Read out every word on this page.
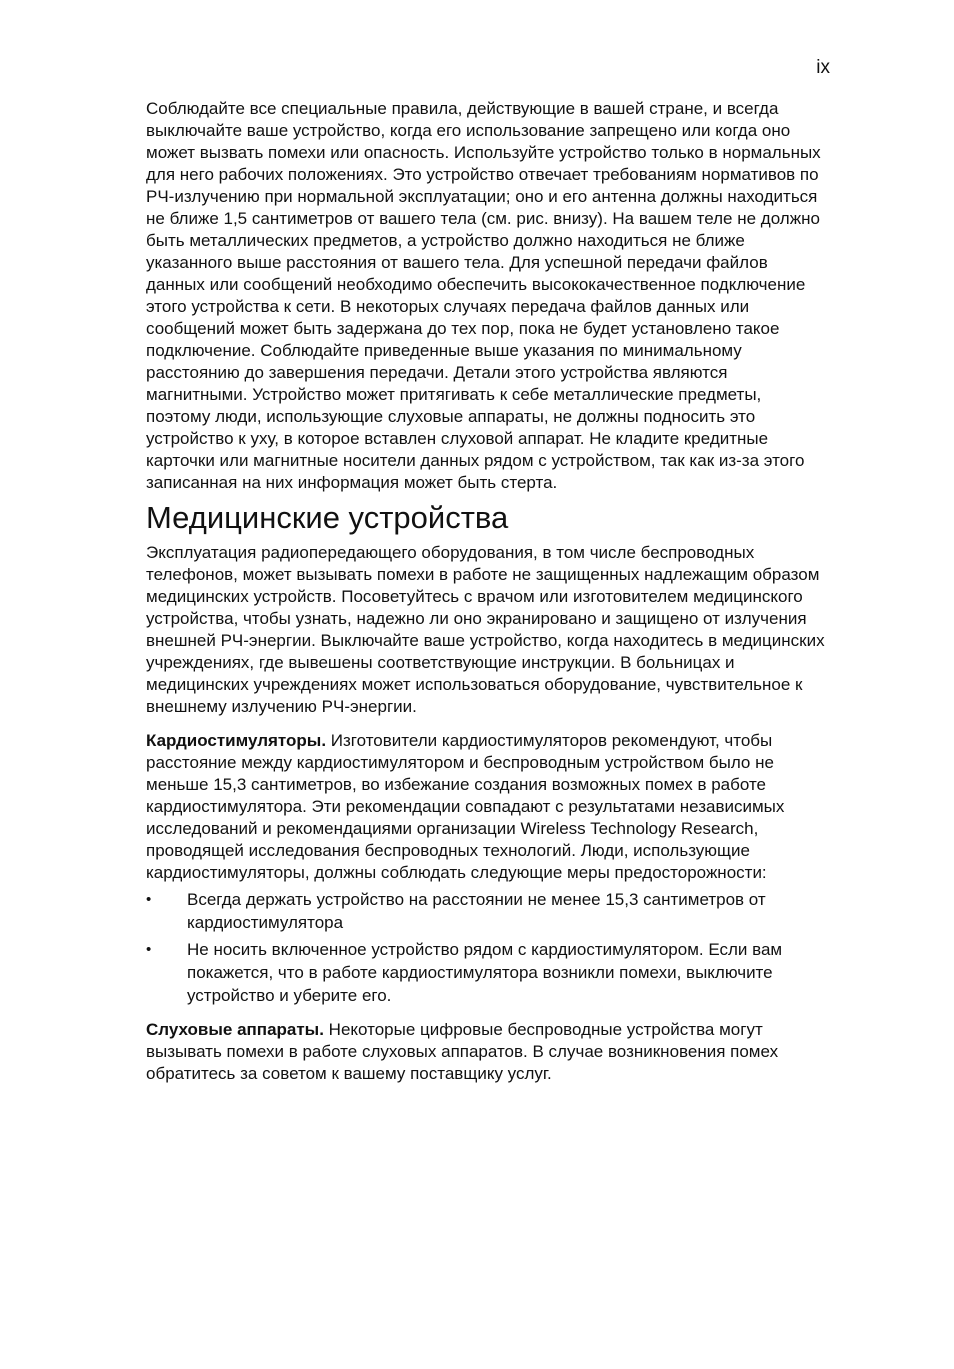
ix

Соблюдайте все специальные правила, действующие в вашей стране, и всегда выключайте ваше устройство, когда его использование запрещено или когда оно может вызвать помехи или опасность. Используйте устройство только в нормальных для него рабочих положениях. Это устройство отвечает требованиям нормативов по РЧ-излучению при нормальной эксплуатации; оно и его антенна должны находиться не ближе 1,5 сантиметров от вашего тела (см. рис. внизу). На вашем теле не должно быть металлических предметов, а устройство должно находиться не ближе указанного выше расстояния от вашего тела. Для успешной передачи файлов данных или сообщений необходимо обеспечить высококачественное подключение этого устройства к сети. В некоторых случаях передача файлов данных или сообщений может быть задержана до тех пор, пока не будет установлено такое подключение. Соблюдайте приведенные выше указания по минимальному расстоянию до завершения передачи. Детали этого устройства являются магнитными. Устройство может притягивать к себе металлические предметы, поэтому люди, использующие слуховые аппараты, не должны подносить это устройство к уху, в которое вставлен слуховой аппарат. Не кладите кредитные карточки или магнитные носители данных рядом с устройством, так как из-за этого записанная на них информация может быть стерта.

Медицинские устройства

Эксплуатация радиопередающего оборудования, в том числе беспроводных телефонов, может вызывать помехи в работе не защищенных надлежащим образом медицинских устройств. Посоветуйтесь с врачом или изготовителем медицинского устройства, чтобы узнать, надежно ли оно экранировано и защищено от излучения внешней РЧ-энергии. Выключайте ваше устройство, когда находитесь в медицинских учреждениях, где вывешены соответствующие инструкции. В больницах и медицинских учреждениях может использоваться оборудование, чувствительное к внешнему излучению РЧ-энергии.

Кардиостимуляторы. Изготовители кардиостимуляторов рекомендуют, чтобы расстояние между кардиостимулятором и беспроводным устройством было не меньше 15,3 сантиметров, во избежание создания возможных помех в работе кардиостимулятора. Эти рекомендации совпадают с результатами независимых исследований и рекомендациями организации Wireless Technology Research, проводящей исследования беспроводных технологий. Люди, использующие кардиостимуляторы, должны соблюдать следующие меры предосторожности:

• Всегда держать устройство на расстоянии не менее 15,3 сантиметров от кардиостимулятора
• Не носить включенное устройство рядом с кардиостимулятором. Если вам покажется, что в работе кардиостимулятора возникли помехи, выключите устройство и уберите его.

Слуховые аппараты. Некоторые цифровые беспроводные устройства могут вызывать помехи в работе слуховых аппаратов. В случае возникновения помех обратитесь за советом к вашему поставщику услуг.
